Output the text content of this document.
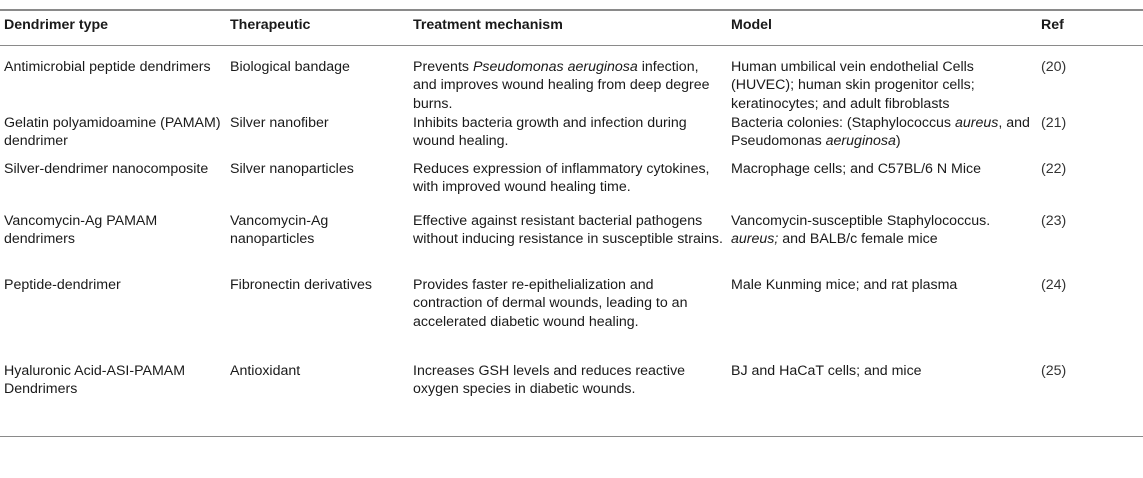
Dendrimer type	Therapeutic	Treatment mechanism	Model	Ref
Antimicrobial peptide dendrimers	Biological bandage	Prevents Pseudomonas aeruginosa infection, and improves wound healing from deep degree burns.	Human umbilical vein endothelial Cells (HUVEC); human skin progenitor cells; keratinocytes; and adult fibroblasts	(20)
Gelatin polyamidoamine (PAMAM) dendrimer	Silver nanofiber	Inhibits bacteria growth and infection during wound healing.	Bacteria colonies: (Staphylococcus aureus, and Pseudomonas aeruginosa)	(21)
Silver-dendrimer nanocomposite	Silver nanoparticles	Reduces expression of inflammatory cytokines, with improved wound healing time.	Macrophage cells; and C57BL/6 N Mice	(22)
Vancomycin-Ag PAMAM dendrimers	Vancomycin-Ag nanoparticles	Effective against resistant bacterial pathogens without inducing resistance in susceptible strains.	Vancomycin-susceptible Staphylococcus. aureus; and BALB/c female mice	(23)
Peptide-dendrimer	Fibronectin derivatives	Provides faster re-epithelialization and contraction of dermal wounds, leading to an accelerated diabetic wound healing.	Male Kunming mice; and rat plasma	(24)
Hyaluronic Acid-ASI-PAMAM Dendrimers	Antioxidant	Increases GSH levels and reduces reactive oxygen species in diabetic wounds.	BJ and HaCaT cells; and mice	(25)
